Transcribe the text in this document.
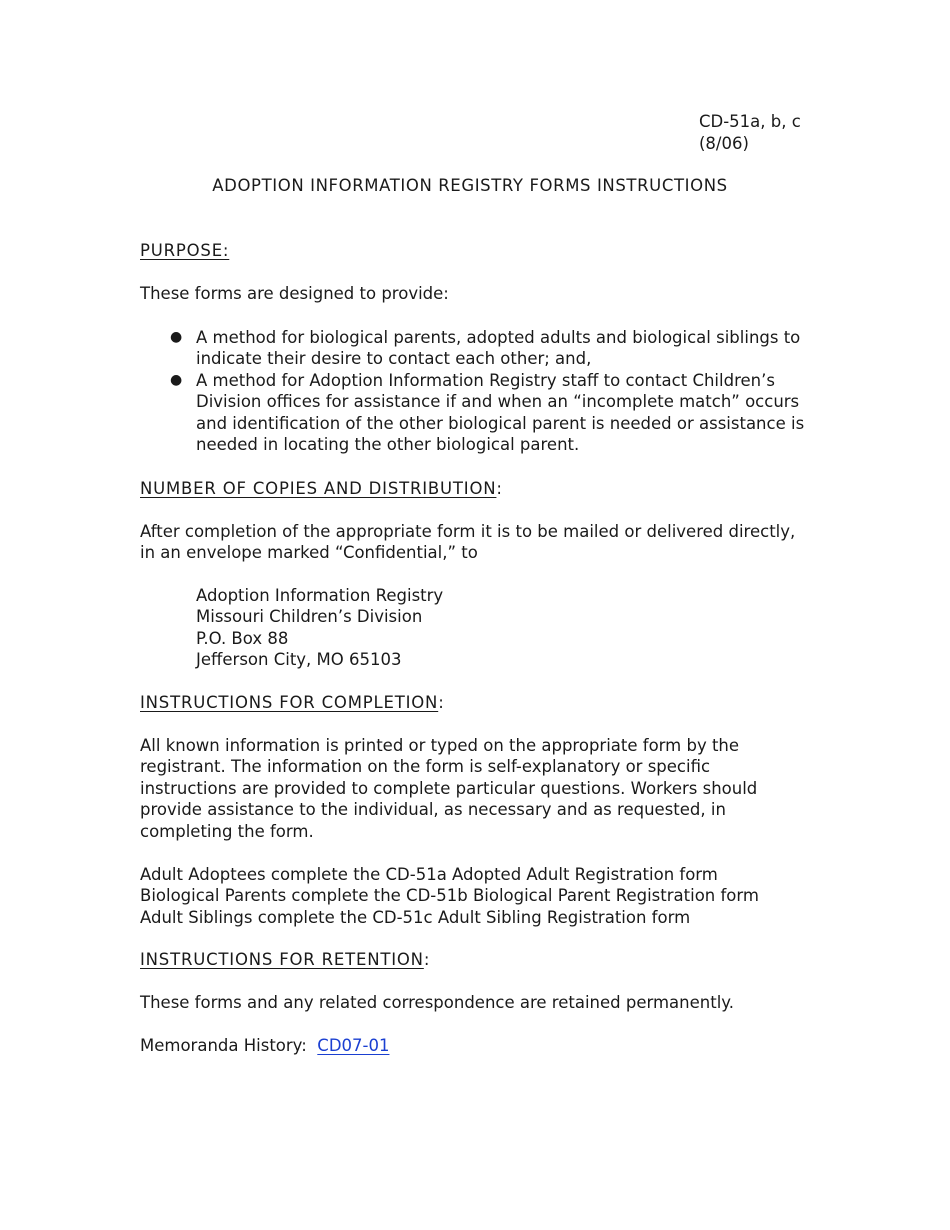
CD-51a, b, c
(8/06)
ADOPTION INFORMATION REGISTRY FORMS INSTRUCTIONS
PURPOSE:
These forms are designed to provide:
● A method for biological parents, adopted adults and biological siblings to indicate their desire to contact each other; and,
● A method for Adoption Information Registry staff to contact Children’s Division offices for assistance if and when an “incomplete match” occurs and identification of the other biological parent is needed or assistance is needed in locating the other biological parent.
NUMBER OF COPIES AND DISTRIBUTION:
After completion of the appropriate form it is to be mailed or delivered directly, in an envelope marked “Confidential,” to
Adoption Information Registry
Missouri Children’s Division
P.O. Box 88
Jefferson City, MO 65103
INSTRUCTIONS FOR COMPLETION:
All known information is printed or typed on the appropriate form by the registrant. The information on the form is self-explanatory or specific instructions are provided to complete particular questions. Workers should provide assistance to the individual, as necessary and as requested, in completing the form.
Adult Adoptees complete the CD-51a Adopted Adult Registration form
Biological Parents complete the CD-51b Biological Parent Registration form
Adult Siblings complete the CD-51c Adult Sibling Registration form
INSTRUCTIONS FOR RETENTION:
These forms and any related correspondence are retained permanently.
Memoranda History: CD07-01
